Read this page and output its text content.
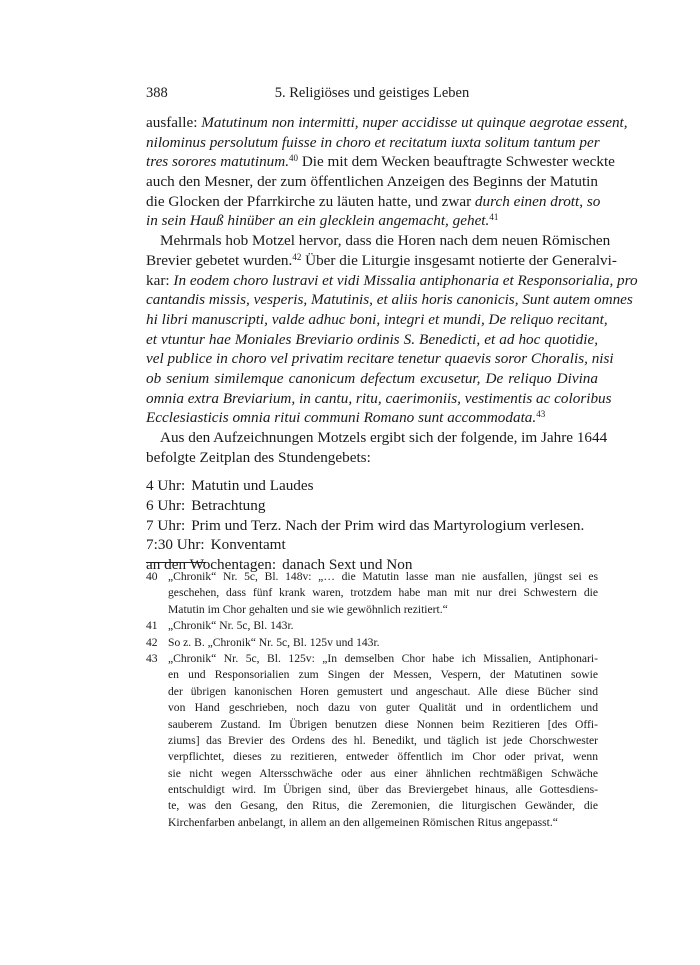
388	5. Religiöses und geistiges Leben
ausfalle: Matutinum non intermitti, nuper accidisse ut quinque aegrotae essent,
nilominus persolutum fuisse in choro et recitatum iuxta solitum tantum per
tres sorores matutinum.$^{40}$ Die mit dem Wecken beauftragte Schwester weckte
auch den Mesner, der zum öffentlichen Anzeigen des Beginns der Matutin
die Glocken der Pfarrkirche zu läuten hatte, und zwar durch einen drott, so
in sein Hauß hinüber an ein glecklein angemacht, gehet.$^{41}$
Mehrmals hob Motzel hervor, dass die Horen nach dem neuen Römischen
Brevier gebetet wurden.$^{42}$ Über die Liturgie insgesamt notierte der Generalvi-
kar: In eodem choro lustravi et vidi Missalia antiphonaria et Responsorialia, pro
cantandis missis, vesperis, Matutinis, et aliis horis canonicis, Sunt autem omnes
hi libri manuscripti, valde adhuc boni, integri et mundi, De reliquo recitant,
et vtuntur hae Moniales Breviario ordinis S. Benedicti, et ad hoc quotidie,
vel publice in choro vel privatim recitare tenetur quaevis soror Choralis, nisi
ob senium similemque canonicum defectum excusetur, De reliquo Divina
omnia extra Breviarium, in cantu, ritu, caerimoniis, vestimentis ac coloribus
Ecclesiasticis omnia ritui communi Romano sunt accommodata.$^{43}$
Aus den Aufzeichnungen Motzels ergibt sich der folgende, im Jahre 1644
befolgte Zeitplan des Stundengebets:
4 Uhr: Matutin und Laudes
6 Uhr: Betrachtung
7 Uhr: Prim und Terz. Nach der Prim wird das Martyrologium verlesen.
7:30 Uhr: Konventamt
an den Wochentagen: danach Sext und Non
40 „Chronik“ Nr. 5c, Bl. 148v: „… die Matutin lasse man nie ausfallen, jüngst sei es
geschehen, dass fünf krank waren, trotzdem habe man mit nur drei Schwestern die
Matutin im Chor gehalten und sie wie gewöhnlich rezitiert.“
41 „Chronik“ Nr. 5c, Bl. 143r.
42 So z. B. „Chronik“ Nr. 5c, Bl. 125v und 143r.
43 „Chronik“ Nr. 5c, Bl. 125v: „In demselben Chor habe ich Missalien, Antiphonari-
en und Responsorialien zum Singen der Messen, Vespern, der Matutinen sowie
der übrigen kanonischen Horen gemustert und angeschaut. Alle diese Bücher sind
von Hand geschrieben, noch dazu von guter Qualität und in ordentlichem und
sauberem Zustand. Im Übrigen benutzen diese Nonnen beim Rezitieren [des Offi-
ziums] das Brevier des Ordens des hl. Benedikt, und täglich ist jede Chorschwester
verpflichtet, dieses zu rezitieren, entweder öffentlich im Chor oder privat, wenn
sie nicht wegen Altersschwäche oder aus einer ähnlichen rechtmäßigen Schwäche
entschuldigt wird. Im Übrigen sind, über das Breviergebet hinaus, alle Gottesdiens-
te, was den Gesang, den Ritus, die Zeremonien, die liturgischen Gewänder, die
Kirchenfarben anbelangt, in allem an den allgemeinen Römischen Ritus angepasst.“
